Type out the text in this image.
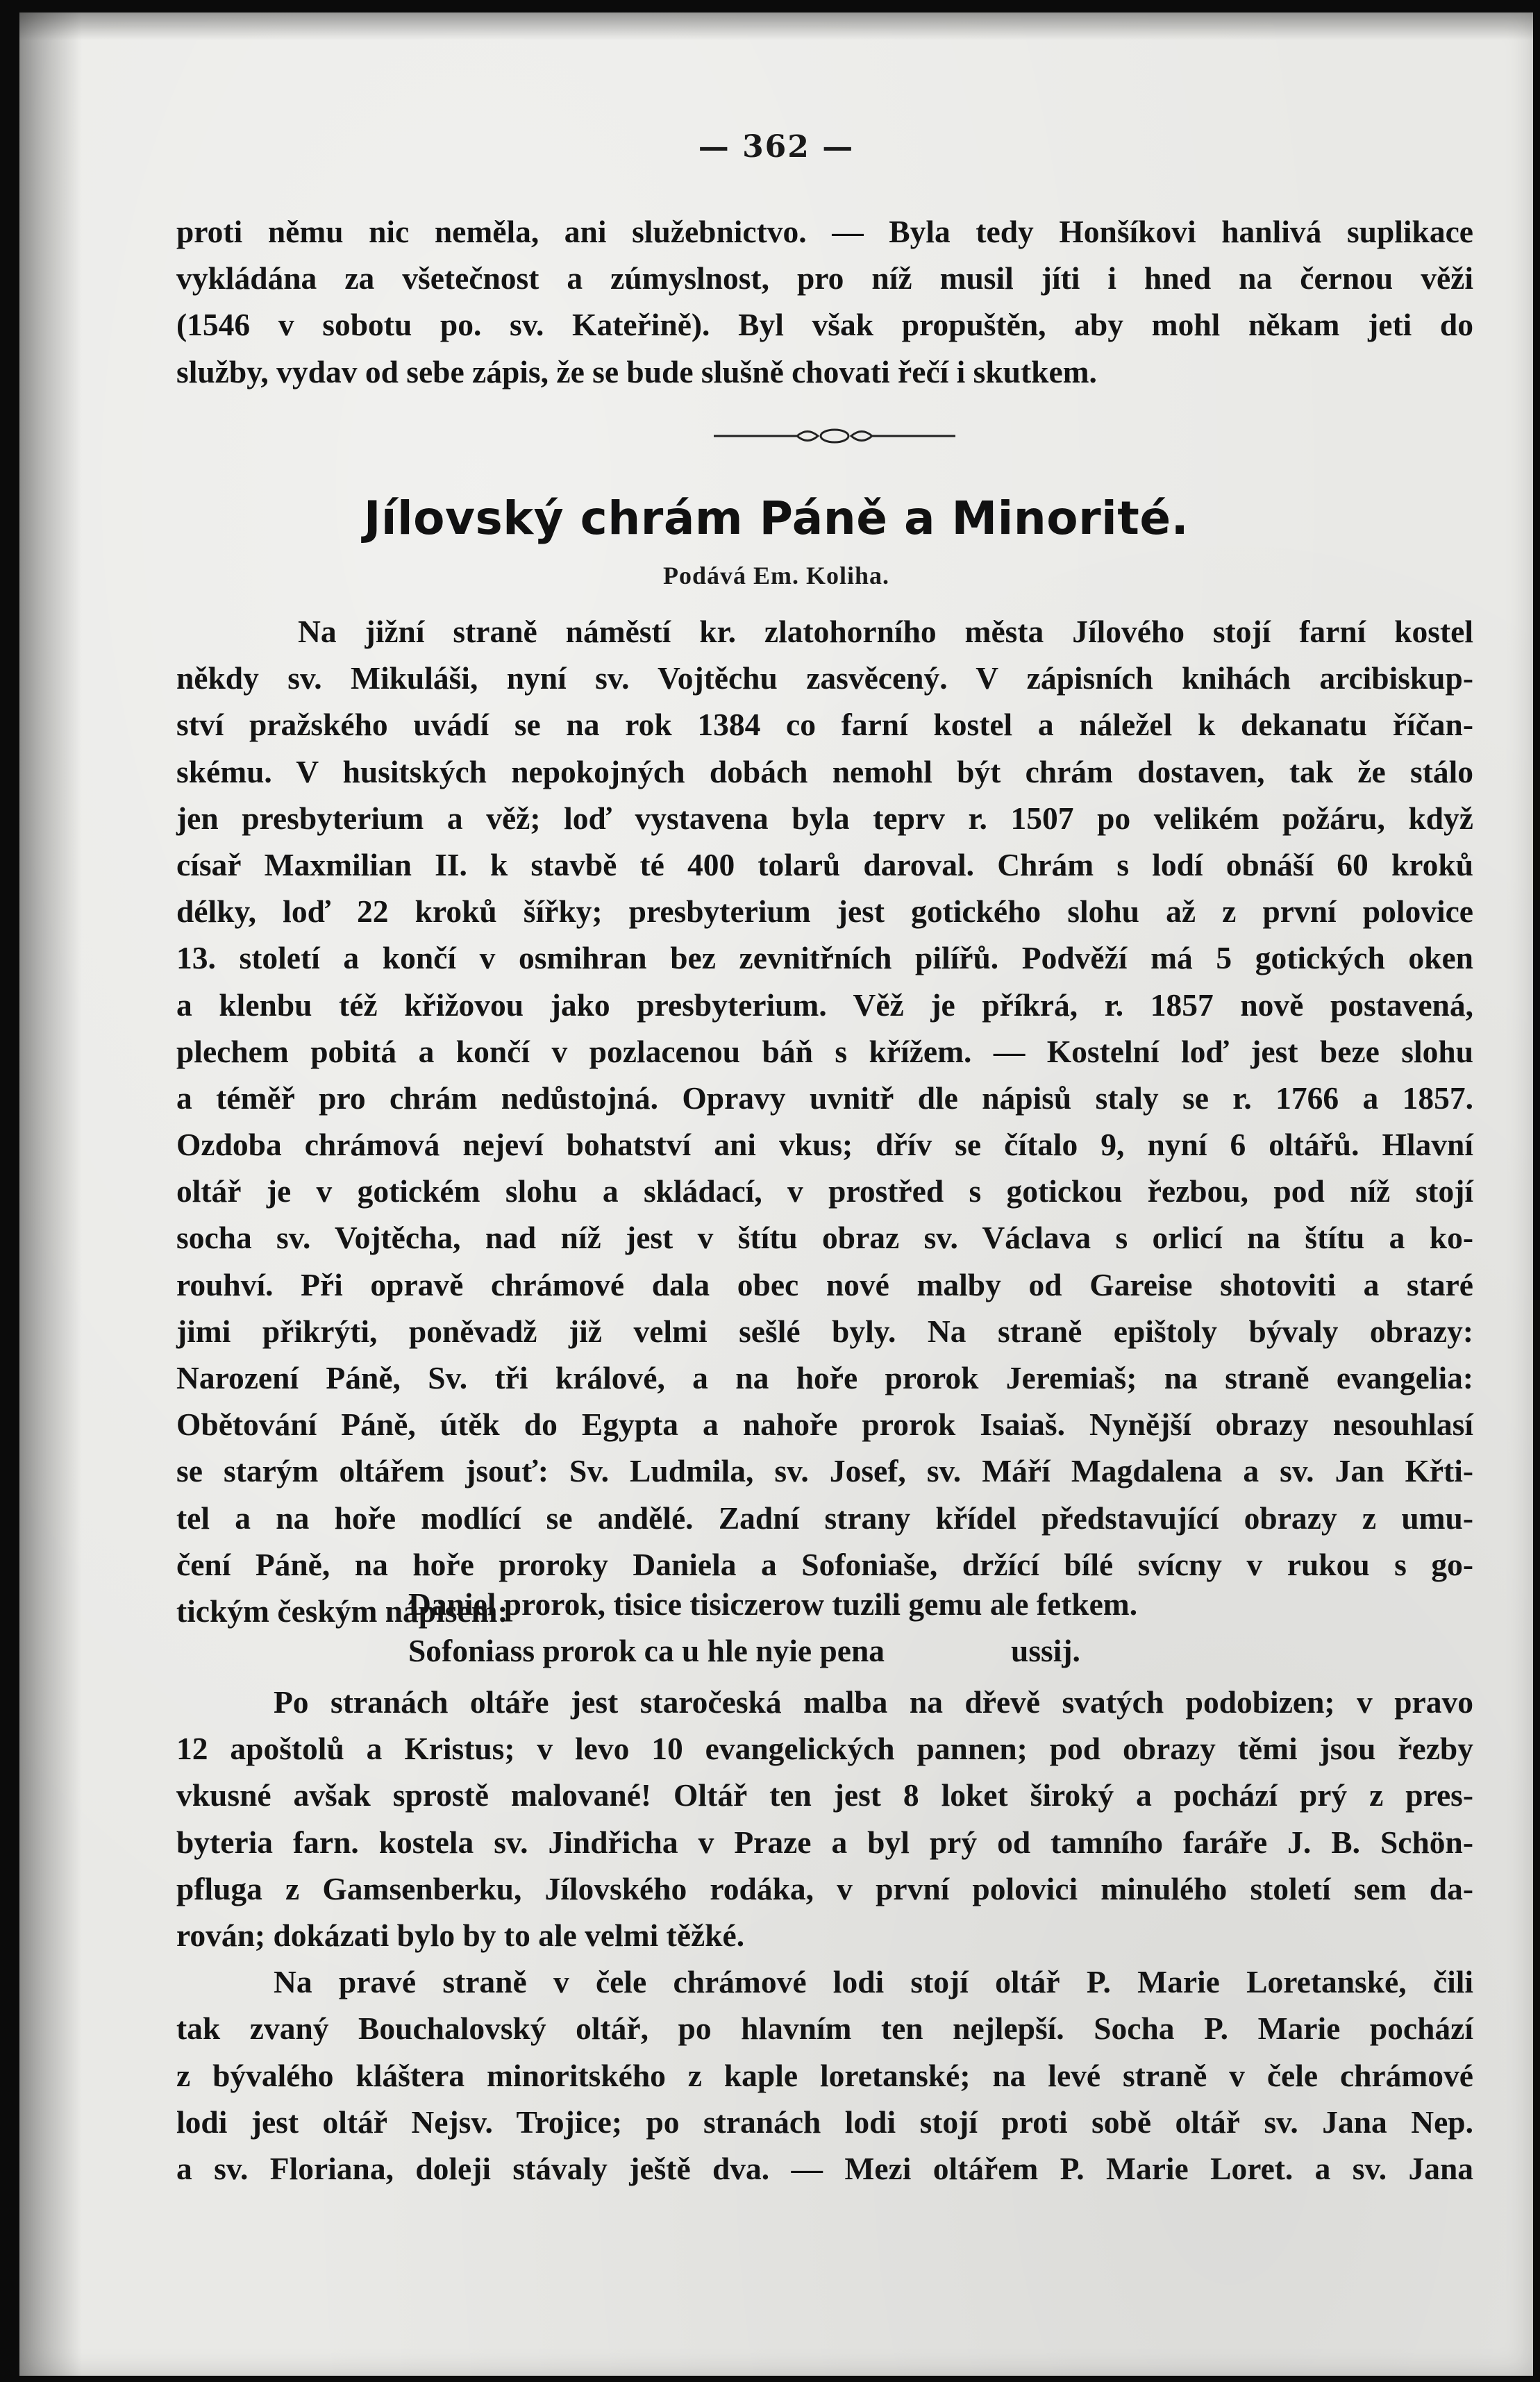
— 362 —
proti němu nic neměla, ani služebnictvo. — Byla tedy Honšíkovi hanlivá suplikace
vykládána za všetečnost a zúmyslnost, pro níž musil jíti i hned na černou věži
(1546 v sobotu po. sv. Kateřině). Byl však propuštěn, aby mohl někam jeti do
služby, vydav od sebe zápis, že se bude slušně chovati řečí i skutkem.
Jílovský chrám Páně a Minorité.
Podává Em. Koliha.
Na jižní straně náměstí kr. zlatohorního města Jílového stojí farní kostel
někdy sv. Mikuláši, nyní sv. Vojtěchu zasvěcený. V zápisních knihách arcibiskup-
ství pražského uvádí se na rok 1384 co farní kostel a náležel k dekanatu říčan-
skému. V husitských nepokojných dobách nemohl být chrám dostaven, tak že stálo
jen presbyterium a věž; loď vystavena byla teprv r. 1507 po velikém požáru, když
císař Maxmilian II. k stavbě té 400 tolarů daroval. Chrám s lodí obnáší 60 kroků
délky, loď 22 kroků šířky; presbyterium jest gotického slohu až z první polovice
13. století a končí v osmihran bez zevnitřních pilířů. Podvěží má 5 gotických oken
a klenbu též křižovou jako presbyterium. Věž je příkrá, r. 1857 nově postavená,
plechem pobitá a končí v pozlacenou báň s křížem. — Kostelní loď jest beze slohu
a téměř pro chrám nedůstojná. Opravy uvnitř dle nápisů staly se r. 1766 a 1857.
Ozdoba chrámová nejeví bohatství ani vkus; dřív se čítalo 9, nyní 6 oltářů. Hlavní
oltář je v gotickém slohu a skládací, v prostřed s gotickou řezbou, pod níž stojí
socha sv. Vojtěcha, nad níž jest v štítu obraz sv. Václava s orlicí na štítu a ko-
rouhví. Při opravě chrámové dala obec nové malby od Gareise shotoviti a staré
jimi přikrýti, poněvadž již velmi sešlé byly. Na straně epištoly bývaly obrazy:
Narození Páně, Sv. tři králové, a na hoře prorok Jeremiaš; na straně evangelia:
Obětování Páně, útěk do Egypta a nahoře prorok Isaiaš. Nynější obrazy nesouhlasí
se starým oltářem jsouť: Sv. Ludmila, sv. Josef, sv. Máří Magdalena a sv. Jan Křti-
tel a na hoře modlící se andělé. Zadní strany křídel představující obrazy z umu-
čení Páně, na hoře proroky Daniela a Sofoniaše, držící bílé svícny v rukou s go-
tickým českým nápisem:
Daniel prorok, tisice tisiczerow tuzili gemu ale fetkem.
Sofoniass prorok ca u hle nyie pena                ussij.
Po stranách oltáře jest staročeská malba na dřevě svatých podobizen; v pravo
12 apoštolů a Kristus; v levo 10 evangelických pannen; pod obrazy těmi jsou řezby
vkusné avšak sprostě malované! Oltář ten jest 8 loket široký a pochází prý z pres-
byteria farn. kostela sv. Jindřicha v Praze a byl prý od tamního faráře J. B. Schön-
pfluga z Gamsenberku, Jílovského rodáka, v první polovici minulého století sem da-
rován; dokázati bylo by to ale velmi těžké.
Na pravé straně v čele chrámové lodi stojí oltář P. Marie Loretanské, čili
tak zvaný Bouchalovský oltář, po hlavním ten nejlepší. Socha P. Marie pochází
z bývalého kláštera minoritského z kaple loretanské; na levé straně v čele chrámové
lodi jest oltář Nejsv. Trojice; po stranách lodi stojí proti sobě oltář sv. Jana Nep.
a sv. Floriana, doleji stávaly ještě dva. — Mezi oltářem P. Marie Loret. a sv. Jana
